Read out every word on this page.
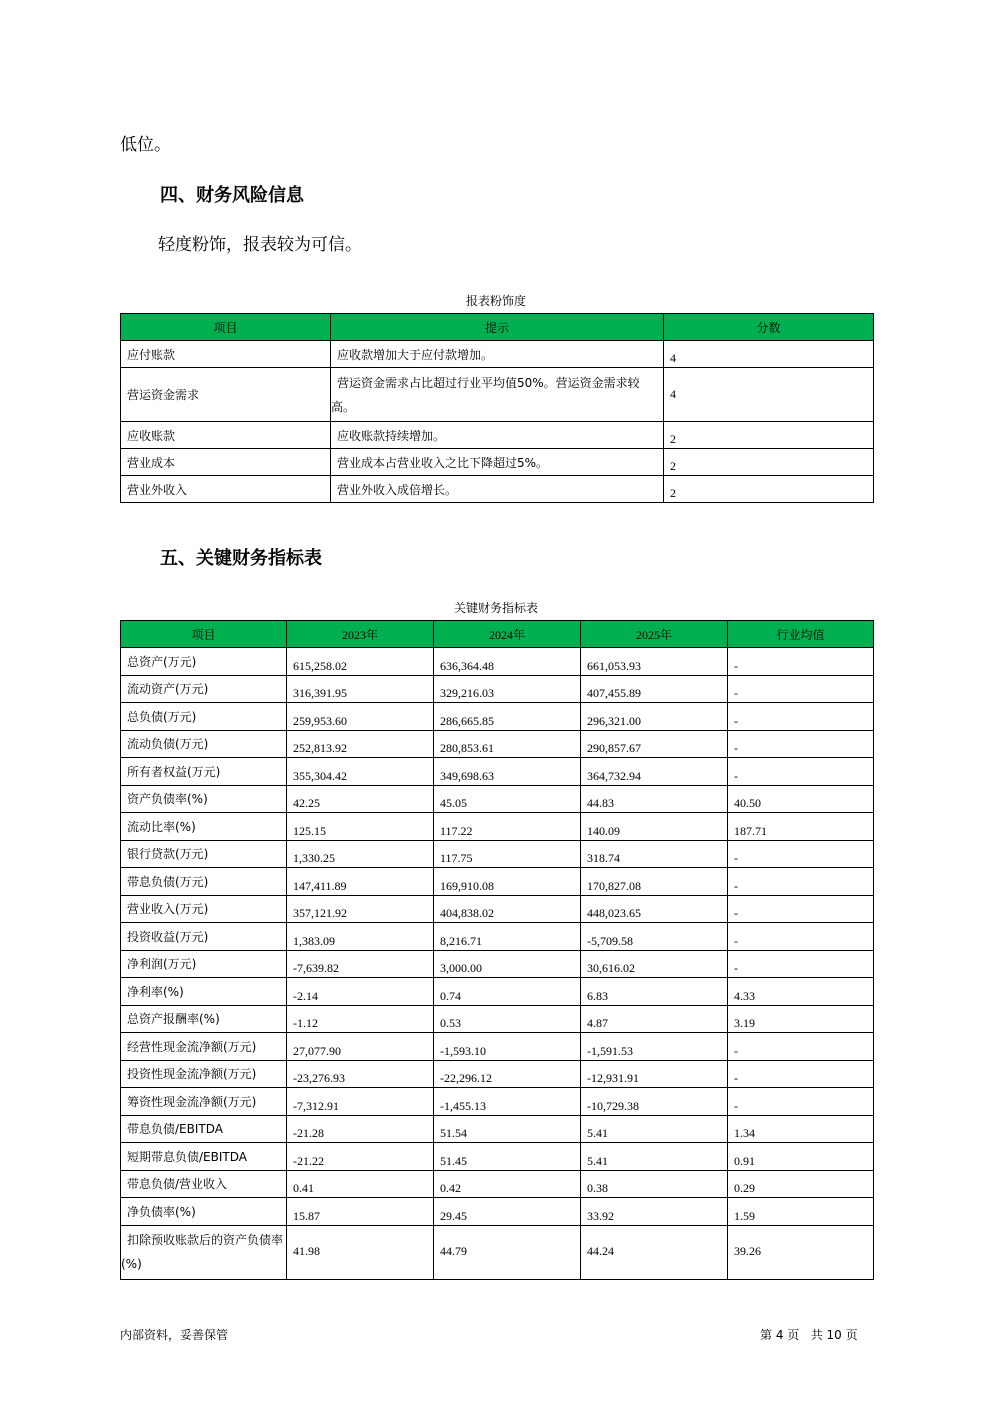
低位。
四、财务风险信息
轻度粉饰，报表较为可信。
报表粉饰度
项目	提示	分数
应付账款	应收款增加大于应付款增加。	4
营运资金需求	营运资金需求占比超过行业平均值50%。营运资金需求较高。	4
应收账款	应收账款持续增加。	2
营业成本	营业成本占营业收入之比下降超过5%。	2
营业外收入	营业外收入成倍增长。	2
五、关键财务指标表
关键财务指标表
项目	2023年	2024年	2025年	行业均值
总资产(万元)	615,258.02	636,364.48	661,053.93	-
流动资产(万元)	316,391.95	329,216.03	407,455.89	-
总负债(万元)	259,953.60	286,665.85	296,321.00	-
流动负债(万元)	252,813.92	280,853.61	290,857.67	-
所有者权益(万元)	355,304.42	349,698.63	364,732.94	-
资产负债率(%)	42.25	45.05	44.83	40.50
流动比率(%)	125.15	117.22	140.09	187.71
银行贷款(万元)	1,330.25	117.75	318.74	-
带息负债(万元)	147,411.89	169,910.08	170,827.08	-
营业收入(万元)	357,121.92	404,838.02	448,023.65	-
投资收益(万元)	1,383.09	8,216.71	-5,709.58	-
净利润(万元)	-7,639.82	3,000.00	30,616.02	-
净利率(%)	-2.14	0.74	6.83	4.33
总资产报酬率(%)	-1.12	0.53	4.87	3.19
经营性现金流净额(万元)	27,077.90	-1,593.10	-1,591.53	-
投资性现金流净额(万元)	-23,276.93	-22,296.12	-12,931.91	-
筹资性现金流净额(万元)	-7,312.91	-1,455.13	-10,729.38	-
带息负债/EBITDA	-21.28	51.54	5.41	1.34
短期带息负债/EBITDA	-21.22	51.45	5.41	0.91
带息负债/营业收入	0.41	0.42	0.38	0.29
净负债率(%)	15.87	29.45	33.92	1.59
扣除预收账款后的资产负债率(%)	41.98	44.79	44.24	39.26
内部资料，妥善保管	第 4 页   共 10 页
